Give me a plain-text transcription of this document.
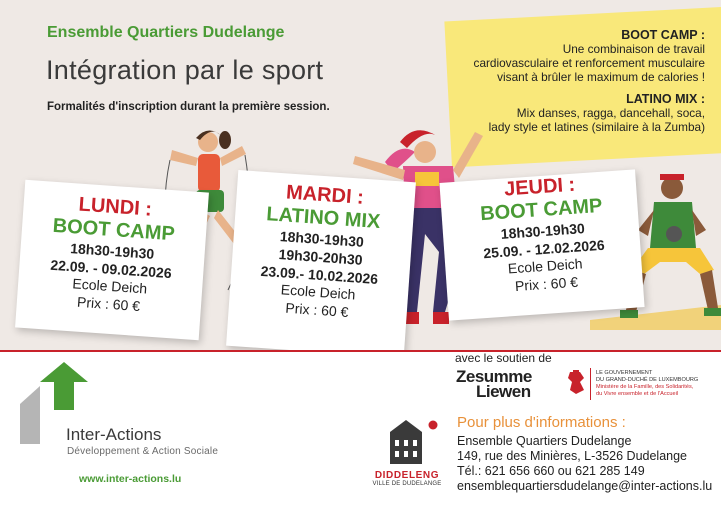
Ensemble Quartiers Dudelange
Intégration par le sport
Formalités d'inscription durant la première session.
BOOT CAMP :
Une combinaison de travail
cardiovasculaire et renforcement musculaire
visant à brûler le maximum de calories !
LATINO MIX :
Mix danses, ragga, dancehall, soca,
lady style et latines (similaire à la Zumba)
LUNDI :
BOOT CAMP
18h30-19h30
22.09. - 09.02.2026
Ecole Deich
Prix : 60 €
MARDI :
LATINO MIX
18h30-19h30
19h30-20h30
23.09.- 10.02.2026
Ecole Deich
Prix : 60 €
JEUDI :
BOOT CAMP
18h30-19h30
25.09. - 12.02.2026
Ecole Deich
Prix : 60 €
Inter-Actions
Développement & Action Sociale
www.inter-actions.lu
avec le soutien de
Zesumme
Liewen
LE GOUVERNEMENT
DU GRAND-DUCHÉ DE LUXEMBOURG
Ministère de la Famille, des Solidarités,
du Vivre ensemble et de l'Accueil
DIDDELENG
VILLE DE DUDELANGE
Pour plus d'informations :
Ensemble Quartiers Dudelange
149, rue des Minières, L-3526 Dudelange
Tél.: 621 656 660 ou 621 285 149
ensemblequartiersdudelange@inter-actions.lu
